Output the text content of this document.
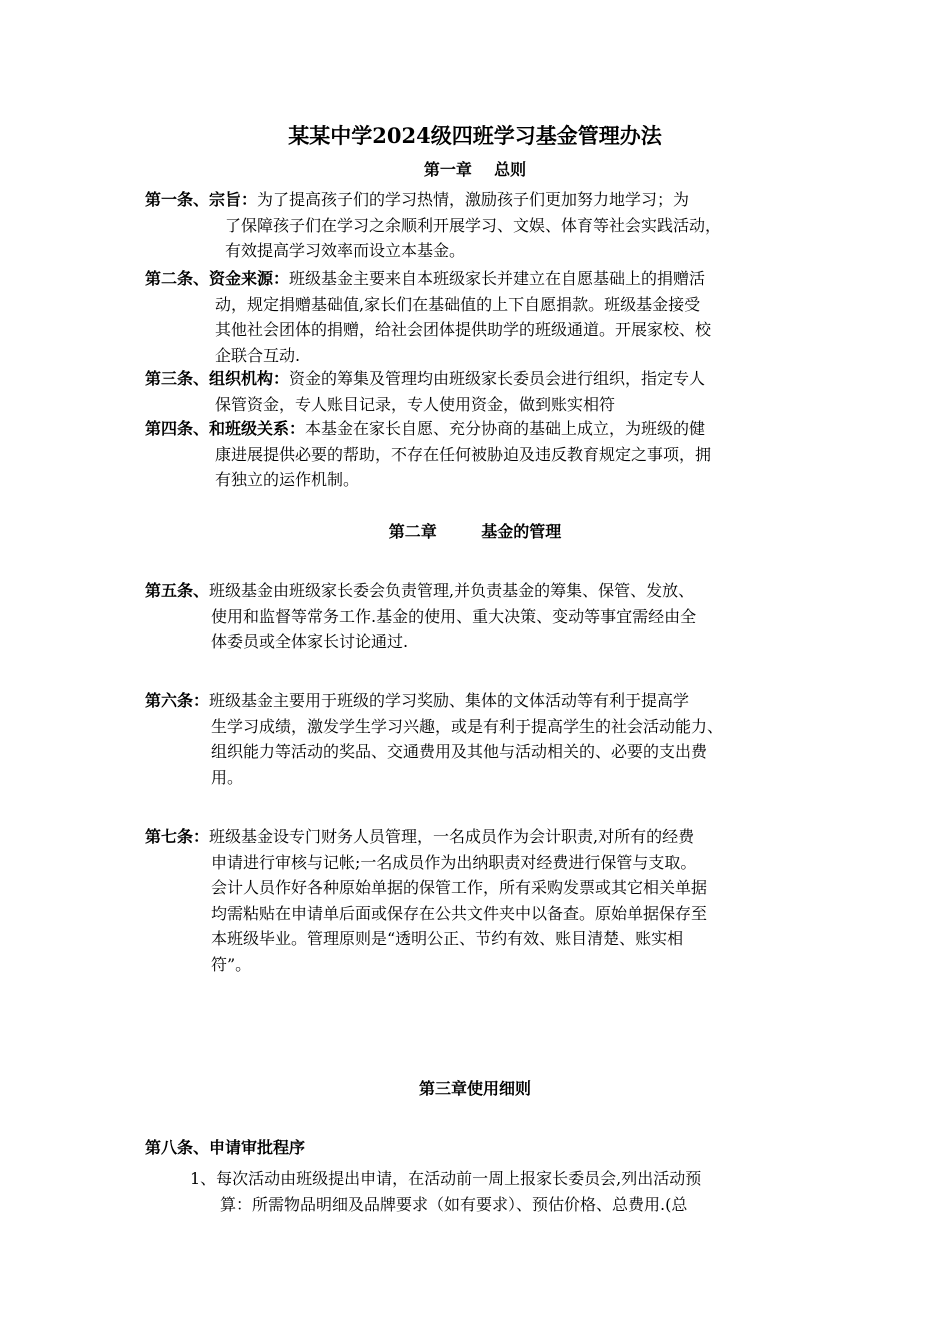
某某中学2024级四班学习基金管理办法
第一章    总则
第一条、宗旨：为了提高孩子们的学习热情，激励孩子们更加努力地学习；为
了保障孩子们在学习之余顺利开展学习、文娱、体育等社会实践活动，
有效提高学习效率而设立本基金。
第二条、资金来源：班级基金主要来自本班级家长并建立在自愿基础上的捐赠活
动，规定捐赠基础值,家长们在基础值的上下自愿捐款。班级基金接受
其他社会团体的捐赠，给社会团体提供助学的班级通道。开展家校、校
企联合互动.
第三条、组织机构：资金的筹集及管理均由班级家长委员会进行组织，指定专人
保管资金，专人账目记录，专人使用资金，做到账实相符
第四条、和班级关系：本基金在家长自愿、充分协商的基础上成立，为班级的健
康进展提供必要的帮助，不存在任何被胁迫及违反教育规定之事项，拥
有独立的运作机制。
第二章        基金的管理
第五条、班级基金由班级家长委会负责管理,并负责基金的筹集、保管、发放、
使用和监督等常务工作.基金的使用、重大决策、变动等事宜需经由全
体委员或全体家长讨论通过.
第六条：班级基金主要用于班级的学习奖励、集体的文体活动等有利于提高学
生学习成绩，激发学生学习兴趣，或是有利于提高学生的社会活动能力、
组织能力等活动的奖品、交通费用及其他与活动相关的、必要的支出费
用。
第七条：班级基金设专门财务人员管理，一名成员作为会计职责,对所有的经费
申请进行审核与记帐;一名成员作为出纳职责对经费进行保管与支取。
会计人员作好各种原始单据的保管工作，所有采购发票或其它相关单据
均需粘贴在申请单后面或保存在公共文件夹中以备查。原始单据保存至
本班级毕业。管理原则是“透明公正、节约有效、账目清楚、账实相
符”。
第三章使用细则
第八条、申请审批程序
1、每次活动由班级提出申请，在活动前一周上报家长委员会,列出活动预
算：所需物品明细及品牌要求（如有要求）、预估价格、总费用.(总
